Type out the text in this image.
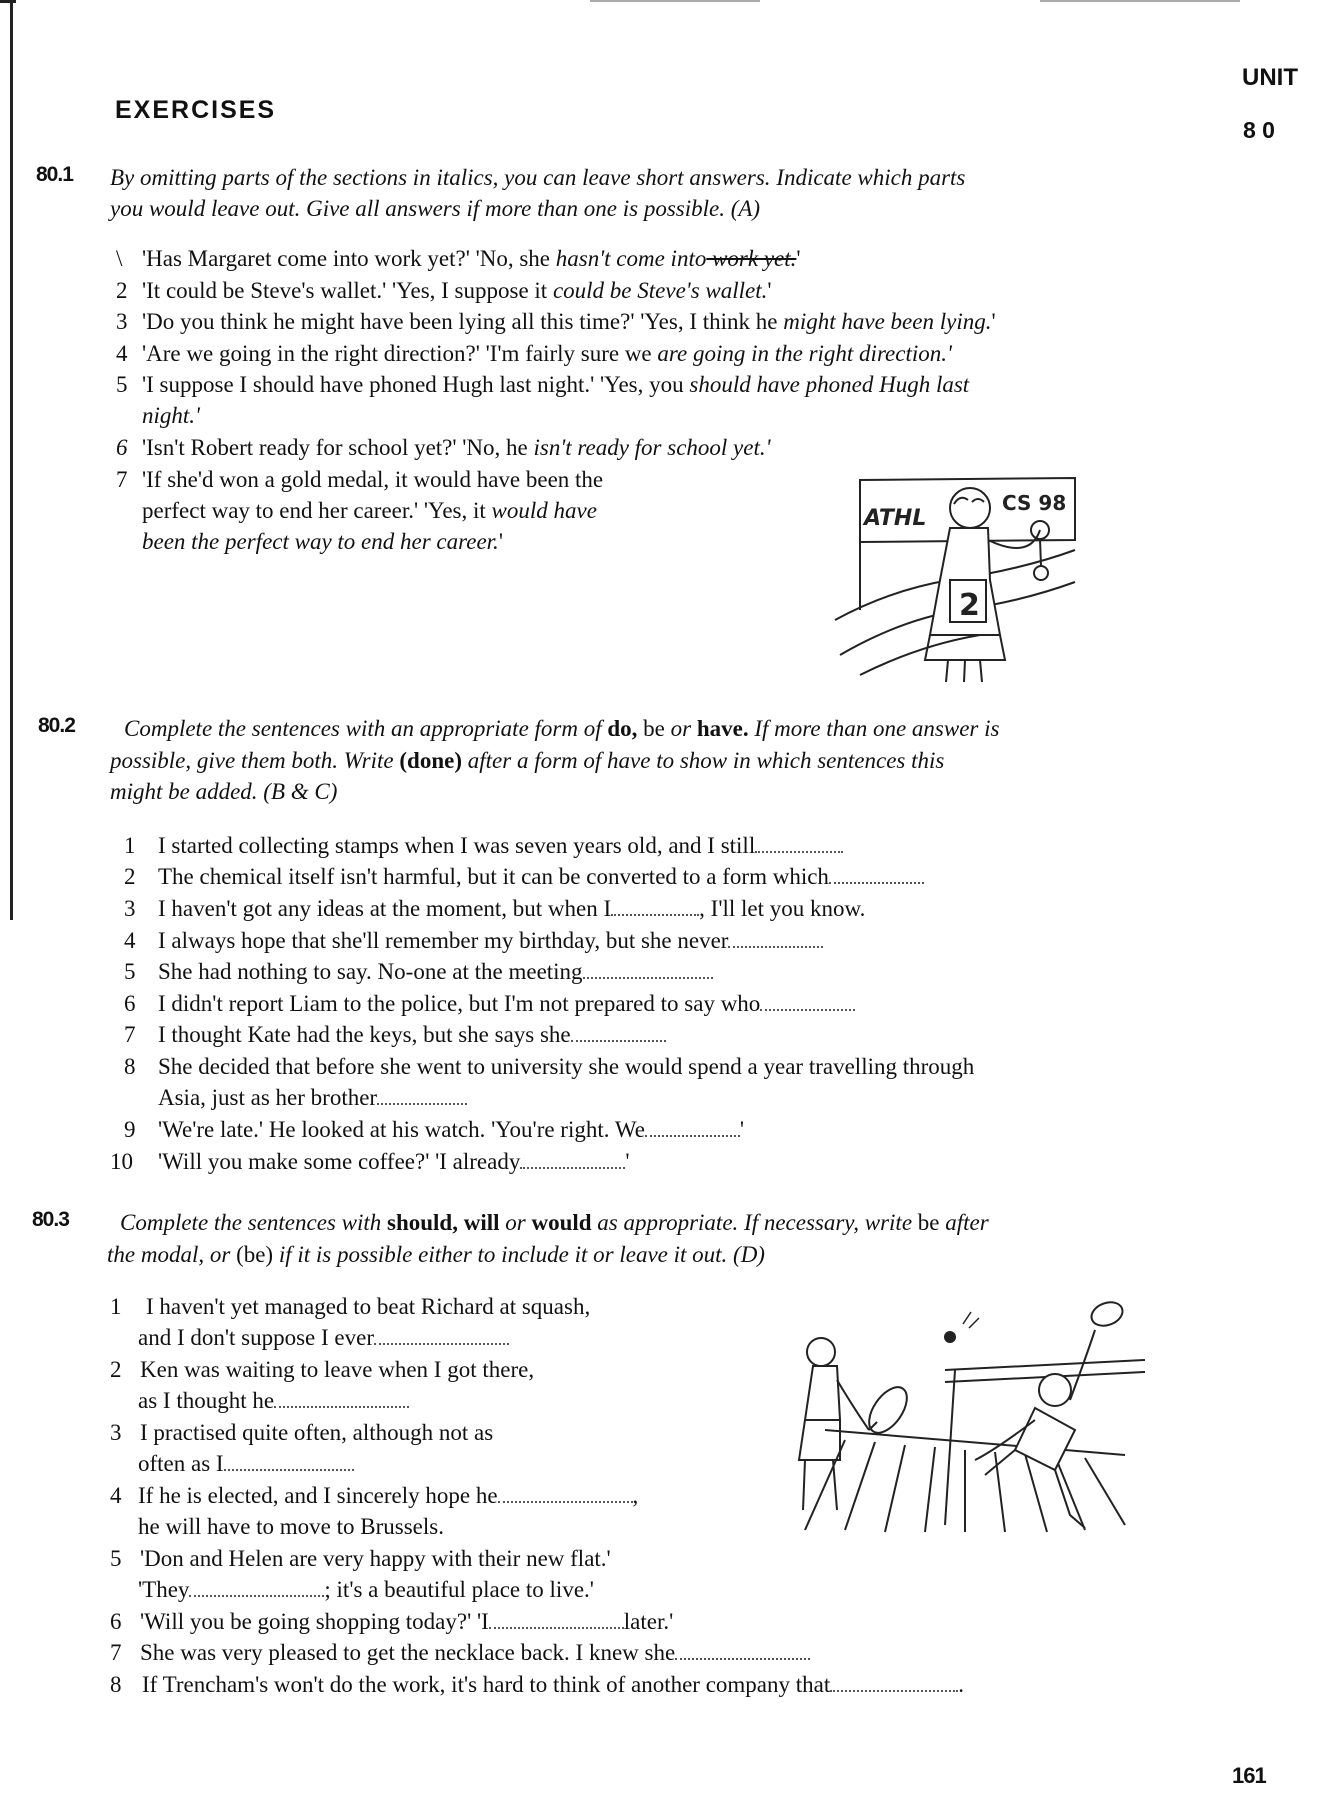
EXERCISES
UNIT
8 0
80.1 By omitting parts of the sections in italics, you can leave short answers. Indicate which parts
you would leave out. Give all answers if more than one is possible. (A)
\ 'Has Margaret come into work yet?' 'No, she hasn't come into work yet.'
2 'It could be Steve's wallet.' 'Yes, I suppose it could be Steve's wallet.'
3 'Do you think he might have been lying all this time?' 'Yes, I think he might have been lying.'
4 'Are we going in the right direction?' 'I'm fairly sure we are going in the right direction.'
5 'I suppose I should have phoned Hugh last night.' 'Yes, you should have phoned Hugh last
night.'
6 'Isn't Robert ready for school yet?' 'No, he isn't ready for school yet.'
7 'If she'd won a gold medal, it would have been the
perfect way to end her career.' 'Yes, it would have
been the perfect way to end her career.'
ATHL
CS 98
2
80.2 Complete the sentences with an appropriate form of do, be or have. If more than one answer is
possible, give them both. Write (done) after a form of have to show in which sentences this
might be added. (B & C)
1 I started collecting stamps when I was seven years old, and I still
2 The chemical itself isn't harmful, but it can be converted to a form which
3 I haven't got any ideas at the moment, but when I	, I'll let you know.
4 I always hope that she'll remember my birthday, but she never
5 She had nothing to say. No-one at the meeting
6 I didn't report Liam to the police, but I'm not prepared to say who
7 I thought Kate had the keys, but she says she
8 She decided that before she went to university she would spend a year travelling through
Asia, just as her brother
9 'We're late.' He looked at his watch. 'You're right. We	'
10 'Will you make some coffee?' 'I already	'
80.3 Complete the sentences with should, will or would as appropriate. If necessary, write be after
the modal, or (be) if it is possible either to include it or leave it out. (D)
1 I haven't yet managed to beat Richard at squash,
and I don't suppose I ever
2 Ken was waiting to leave when I got there,
as I thought he
3 I practised quite often, although not as
often as I
4 If he is elected, and I sincerely hope he	,
he will have to move to Brussels.
5 'Don and Helen are very happy with their new flat.'
'They	; it's a beautiful place to live.'
6 'Will you be going shopping today?' 'I	later.'
7 She was very pleased to get the necklace back. I knew she
8 If Trencham's won't do the work, it's hard to think of another company that	.
161
